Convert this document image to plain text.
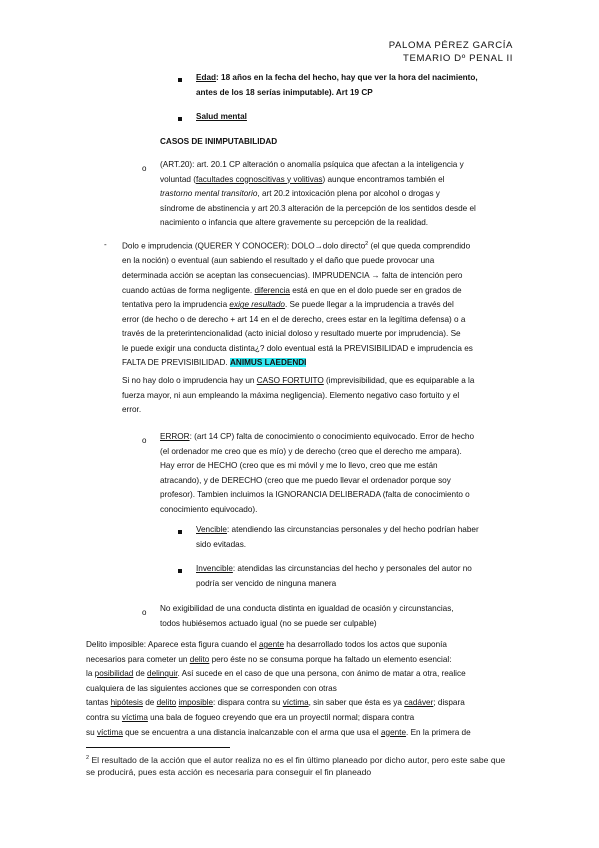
PALOMA PÉREZ GARCÍA
TEMARIO Dº PENAL II
Edad: 18 años en la fecha del hecho, hay que ver la hora del nacimiento,
antes de los 18 serías inimputable). Art 19 CP
Salud mental
CASOS DE INIMPUTABILIDAD
o (ART.20): art. 20.1 CP alteración o anomalía psíquica que afectan a la inteligencia y
voluntad (facultades cognoscitivas y volitivas) aunque encontramos también el
trastorno mental transitorio, art 20.2 intoxicación plena por alcohol o drogas y
síndrome de abstinencia y art 20.3 alteración de la percepción de los sentidos desde el
nacimiento o infancia que altere gravemente su percepción de la realidad.
- Dolo e imprudencia (QUERER Y CONOCER): DOLO→dolo directo$^2$ (el que queda comprendido
en la noción) o eventual (aun sabiendo el resultado y el daño que puede provocar una
determinada acción se aceptan las consecuencias). IMPRUDENCIA → falta de intención pero
cuando actúas de forma negligente. diferencia está en que en el dolo puede ser en grados de
tentativa pero la imprudencia exige resultado. Se puede llegar a la imprudencia a través del
error (de hecho o de derecho + art 14 en el de derecho, crees estar en la legítima defensa) o a
través de la preterintencionalidad (acto inicial doloso y resultado muerte por imprudencia). Se
le puede exigir una conducta distinta¿? dolo eventual está la PREVISIBILIDAD e imprudencia es
FALTA DE PREVISIBILIDAD. ANIMUS LAEDENDI
Si no hay dolo o imprudencia hay un CASO FORTUITO (imprevisibilidad, que es equiparable a la
fuerza mayor, ni aun empleando la máxima negligencia). Elemento negativo caso fortuito y el
error.
o ERROR: (art 14 CP) falta de conocimiento o conocimiento equivocado. Error de hecho
(el ordenador me creo que es mío) y de derecho (creo que el derecho me ampara).
Hay error de HECHO (creo que es mi móvil y me lo llevo, creo que me están
atracando), y de DERECHO (creo que me puedo llevar el ordenador porque soy
profesor). Tambien incluimos la IGNORANCIA DELIBERADA (falta de conocimiento o
conocimiento equivocado).
Vencible: atendiendo las circunstancias personales y del hecho podrían haber
sido evitadas.
Invencible: atendidas las circunstancias del hecho y personales del autor no
podría ser vencido de ninguna manera
o No exigibilidad de una conducta distinta en igualdad de ocasión y circunstancias,
todos hubiésemos actuado igual (no se puede ser culpable)
Delito imposible: Aparece esta figura cuando el agente ha desarrollado todos los actos que suponía
necesarios para cometer un delito pero éste no se consuma porque ha faltado un elemento esencial:
la posibilidad de delinquir. Así sucede en el caso de que una persona, con ánimo de matar a otra, realice
cualquiera de las siguientes acciones que se corresponden con otras
tantas hipótesis de delito imposible: dispara contra su víctima, sin saber que ésta es ya cadáver; dispara
contra su víctima una bala de fogueo creyendo que era un proyectil normal; dispara contra
su víctima que se encuentra a una distancia inalcanzable con el arma que usa el agente. En la primera de
$^2$ El resultado de la acción que el autor realiza no es el fin último planeado por dicho autor, pero este sabe que se producirá, pues esta acción es necesaria para conseguir el fin planeado
